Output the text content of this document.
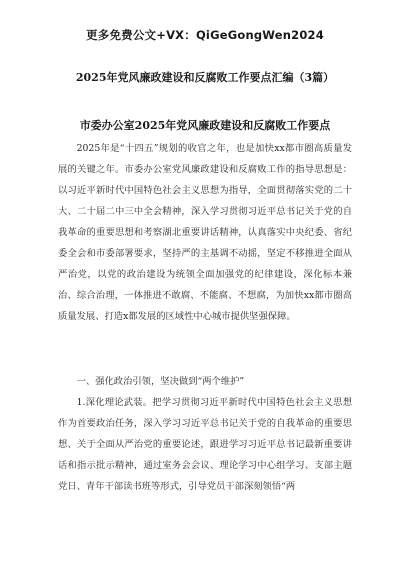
更多免费公文+VX：QiGeGongWen2024
2025年党风廉政建设和反腐败工作要点汇编（3篇）
市委办公室2025年党风廉政建设和反腐败工作要点

2025年是“十四五”规划的收官之年，也是加快xx都市圈高质量发展的关键之年。市委办公室党风廉政建设和反腐败工作的指导思想是：以习近平新时代中国特色社会主义思想为指导，全面贯彻落实党的二十大、二十届二中三中全会精神，深入学习贯彻习近平总书记关于党的自我革命的重要思想和考察湖北重要讲话精神，认真落实中央纪委、省纪委全会和市委部署要求，坚持严的主基调不动摇，坚定不移推进全面从严治党，以党的政治建设为统领全面加强党的纪律建设，深化标本兼治、综合治理，一体推进不敢腐、不能腐、不想腐，为加快xx都市圈高质量发展、打造x都发展的区域性中心城市提供坚强保障。

一、强化政治引领，坚决做到“两个维护”

1.深化理论武装。把学习贯彻习近平新时代中国特色社会主义思想作为首要政治任务，深入学习习近平总书记关于党的自我革命的重要思想、关于全面从严治党的重要论述，跟进学习习近平总书记最新重要讲话和指示批示精神，通过室务会会议、理论学习中心组学习、支部主题党日、青年干部读书班等形式，引导党员干部深刻领悟“两
